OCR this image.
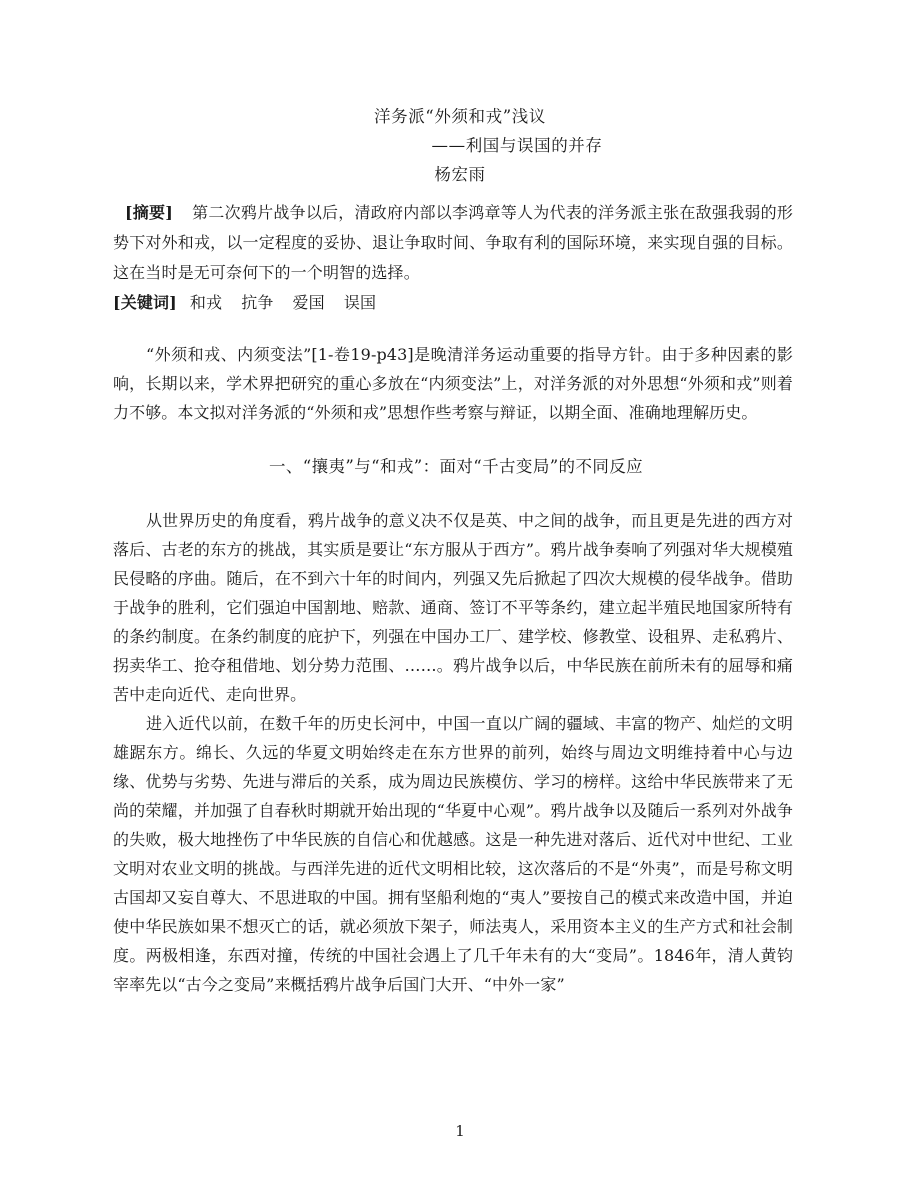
洋务派“外须和戎”浅议
——利国与误国的并存
杨宏雨
[摘要] 第二次鸦片战争以后，清政府内部以李鸿章等人为代表的洋务派主张在敌强我弱的形势下对外和戎，以一定程度的妥协、退让争取时间、争取有利的国际环境，来实现自强的目标。这在当时是无可奈何下的一个明智的选择。
[关键词] 和戎 抗争 爱国 误国
“外须和戎、内须变法”[1-卷19-p43]是晚清洋务运动重要的指导方针。由于多种因素的影响，长期以来，学术界把研究的重心多放在“内须变法”上，对洋务派的对外思想“外须和戎”则着力不够。本文拟对洋务派的“外须和戎”思想作些考察与辩证，以期全面、准确地理解历史。
一、“攘夷”与“和戎”：面对“千古变局”的不同反应
从世界历史的角度看，鸦片战争的意义决不仅是英、中之间的战争，而且更是先进的西方对落后、古老的东方的挑战，其实质是要让“东方服从于西方”。鸦片战争奏响了列强对华大规模殖民侵略的序曲。随后，在不到六十年的时间内，列强又先后掀起了四次大规模的侵华战争。借助于战争的胜利，它们强迫中国割地、赔款、通商、签订不平等条约，建立起半殖民地国家所特有的条约制度。在条约制度的庇护下，列强在中国办工厂、建学校、修教堂、设租界、走私鸦片、拐卖华工、抢夺租借地、划分势力范围、……。鸦片战争以后，中华民族在前所未有的屈辱和痛苦中走向近代、走向世界。
进入近代以前，在数千年的历史长河中，中国一直以广阔的疆域、丰富的物产、灿烂的文明雄踞东方。绵长、久远的华夏文明始终走在东方世界的前列，始终与周边文明维持着中心与边缘、优势与劣势、先进与滞后的关系，成为周边民族模仿、学习的榜样。这给中华民族带来了无尚的荣耀，并加强了自春秋时期就开始出现的“华夏中心观”。鸦片战争以及随后一系列对外战争的失败，极大地挫伤了中华民族的自信心和优越感。这是一种先进对落后、近代对中世纪、工业文明对农业文明的挑战。与西洋先进的近代文明相比较，这次落后的不是“外夷”，而是号称文明古国却又妄自尊大、不思进取的中国。拥有坚船利炮的“夷人”要按自己的模式来改造中国，并迫使中华民族如果不想灭亡的话，就必须放下架子，师法夷人，采用资本主义的生产方式和社会制度。两极相逢，东西对撞，传统的中国社会遇上了几千年未有的大“变局”。1846年，清人黄钧宰率先以“古今之变局”来概括鸦片战争后国门大开、“中外一家”
1
